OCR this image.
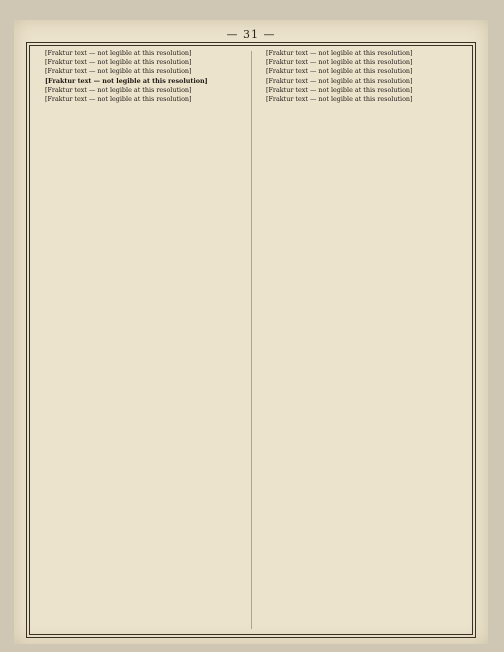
— 31 —

[Fraktur text — not legible at this resolution]

[Fraktur text — not legible at this resolution]

[Fraktur text — not legible at this resolution]

[Fraktur text — not legible at this resolution]

[Fraktur text — not legible at this resolution]

[Fraktur text — not legible at this resolution]

[Fraktur text — not legible at this resolution]

[Fraktur text — not legible at this resolution]

[Fraktur text — not legible at this resolution]

[Fraktur text — not legible at this resolution]

[Fraktur text — not legible at this resolution]

[Fraktur text — not legible at this resolution]
